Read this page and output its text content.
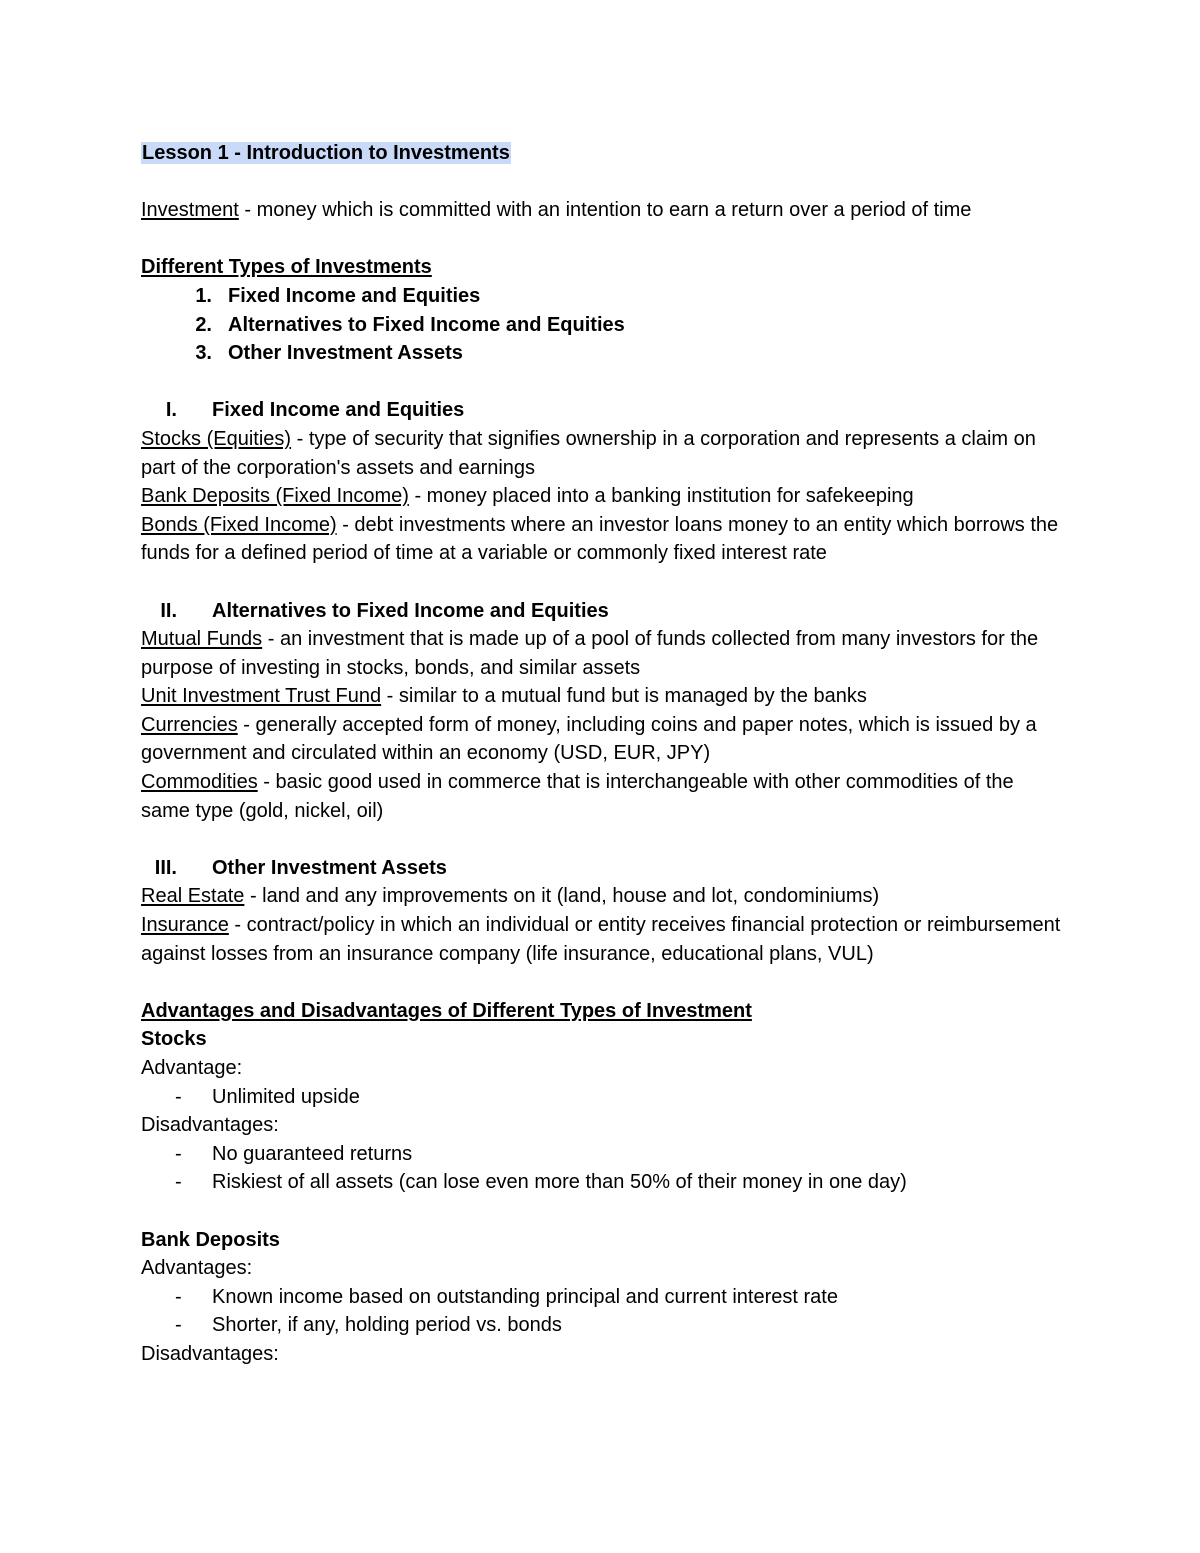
Lesson 1 - Introduction to Investments
Investment - money which is committed with an intention to earn a return over a period of time
Different Types of Investments
1. Fixed Income and Equities
2. Alternatives to Fixed Income and Equities
3. Other Investment Assets
I.	Fixed Income and Equities
Stocks (Equities) - type of security that signifies ownership in a corporation and represents a claim on part of the corporation's assets and earnings
Bank Deposits (Fixed Income) - money placed into a banking institution for safekeeping
Bonds (Fixed Income) - debt investments where an investor loans money to an entity which borrows the funds for a defined period of time at a variable or commonly fixed interest rate
II.	Alternatives to Fixed Income and Equities
Mutual Funds - an investment that is made up of a pool of funds collected from many investors for the purpose of investing in stocks, bonds, and similar assets
Unit Investment Trust Fund - similar to a mutual fund but is managed by the banks
Currencies - generally accepted form of money, including coins and paper notes, which is issued by a government and circulated within an economy (USD, EUR, JPY)
Commodities - basic good used in commerce that is interchangeable with other commodities of the same type (gold, nickel, oil)
III.	Other Investment Assets
Real Estate - land and any improvements on it (land, house and lot, condominiums)
Insurance - contract/policy in which an individual or entity receives financial protection or reimbursement against losses from an insurance company (life insurance, educational plans, VUL)
Advantages and Disadvantages of Different Types of Investment
Stocks
Advantage:
-	Unlimited upside
Disadvantages:
-	No guaranteed returns
-	Riskiest of all assets (can lose even more than 50% of their money in one day)
Bank Deposits
Advantages:
-	Known income based on outstanding principal and current interest rate
-	Shorter, if any, holding period vs. bonds
Disadvantages:
